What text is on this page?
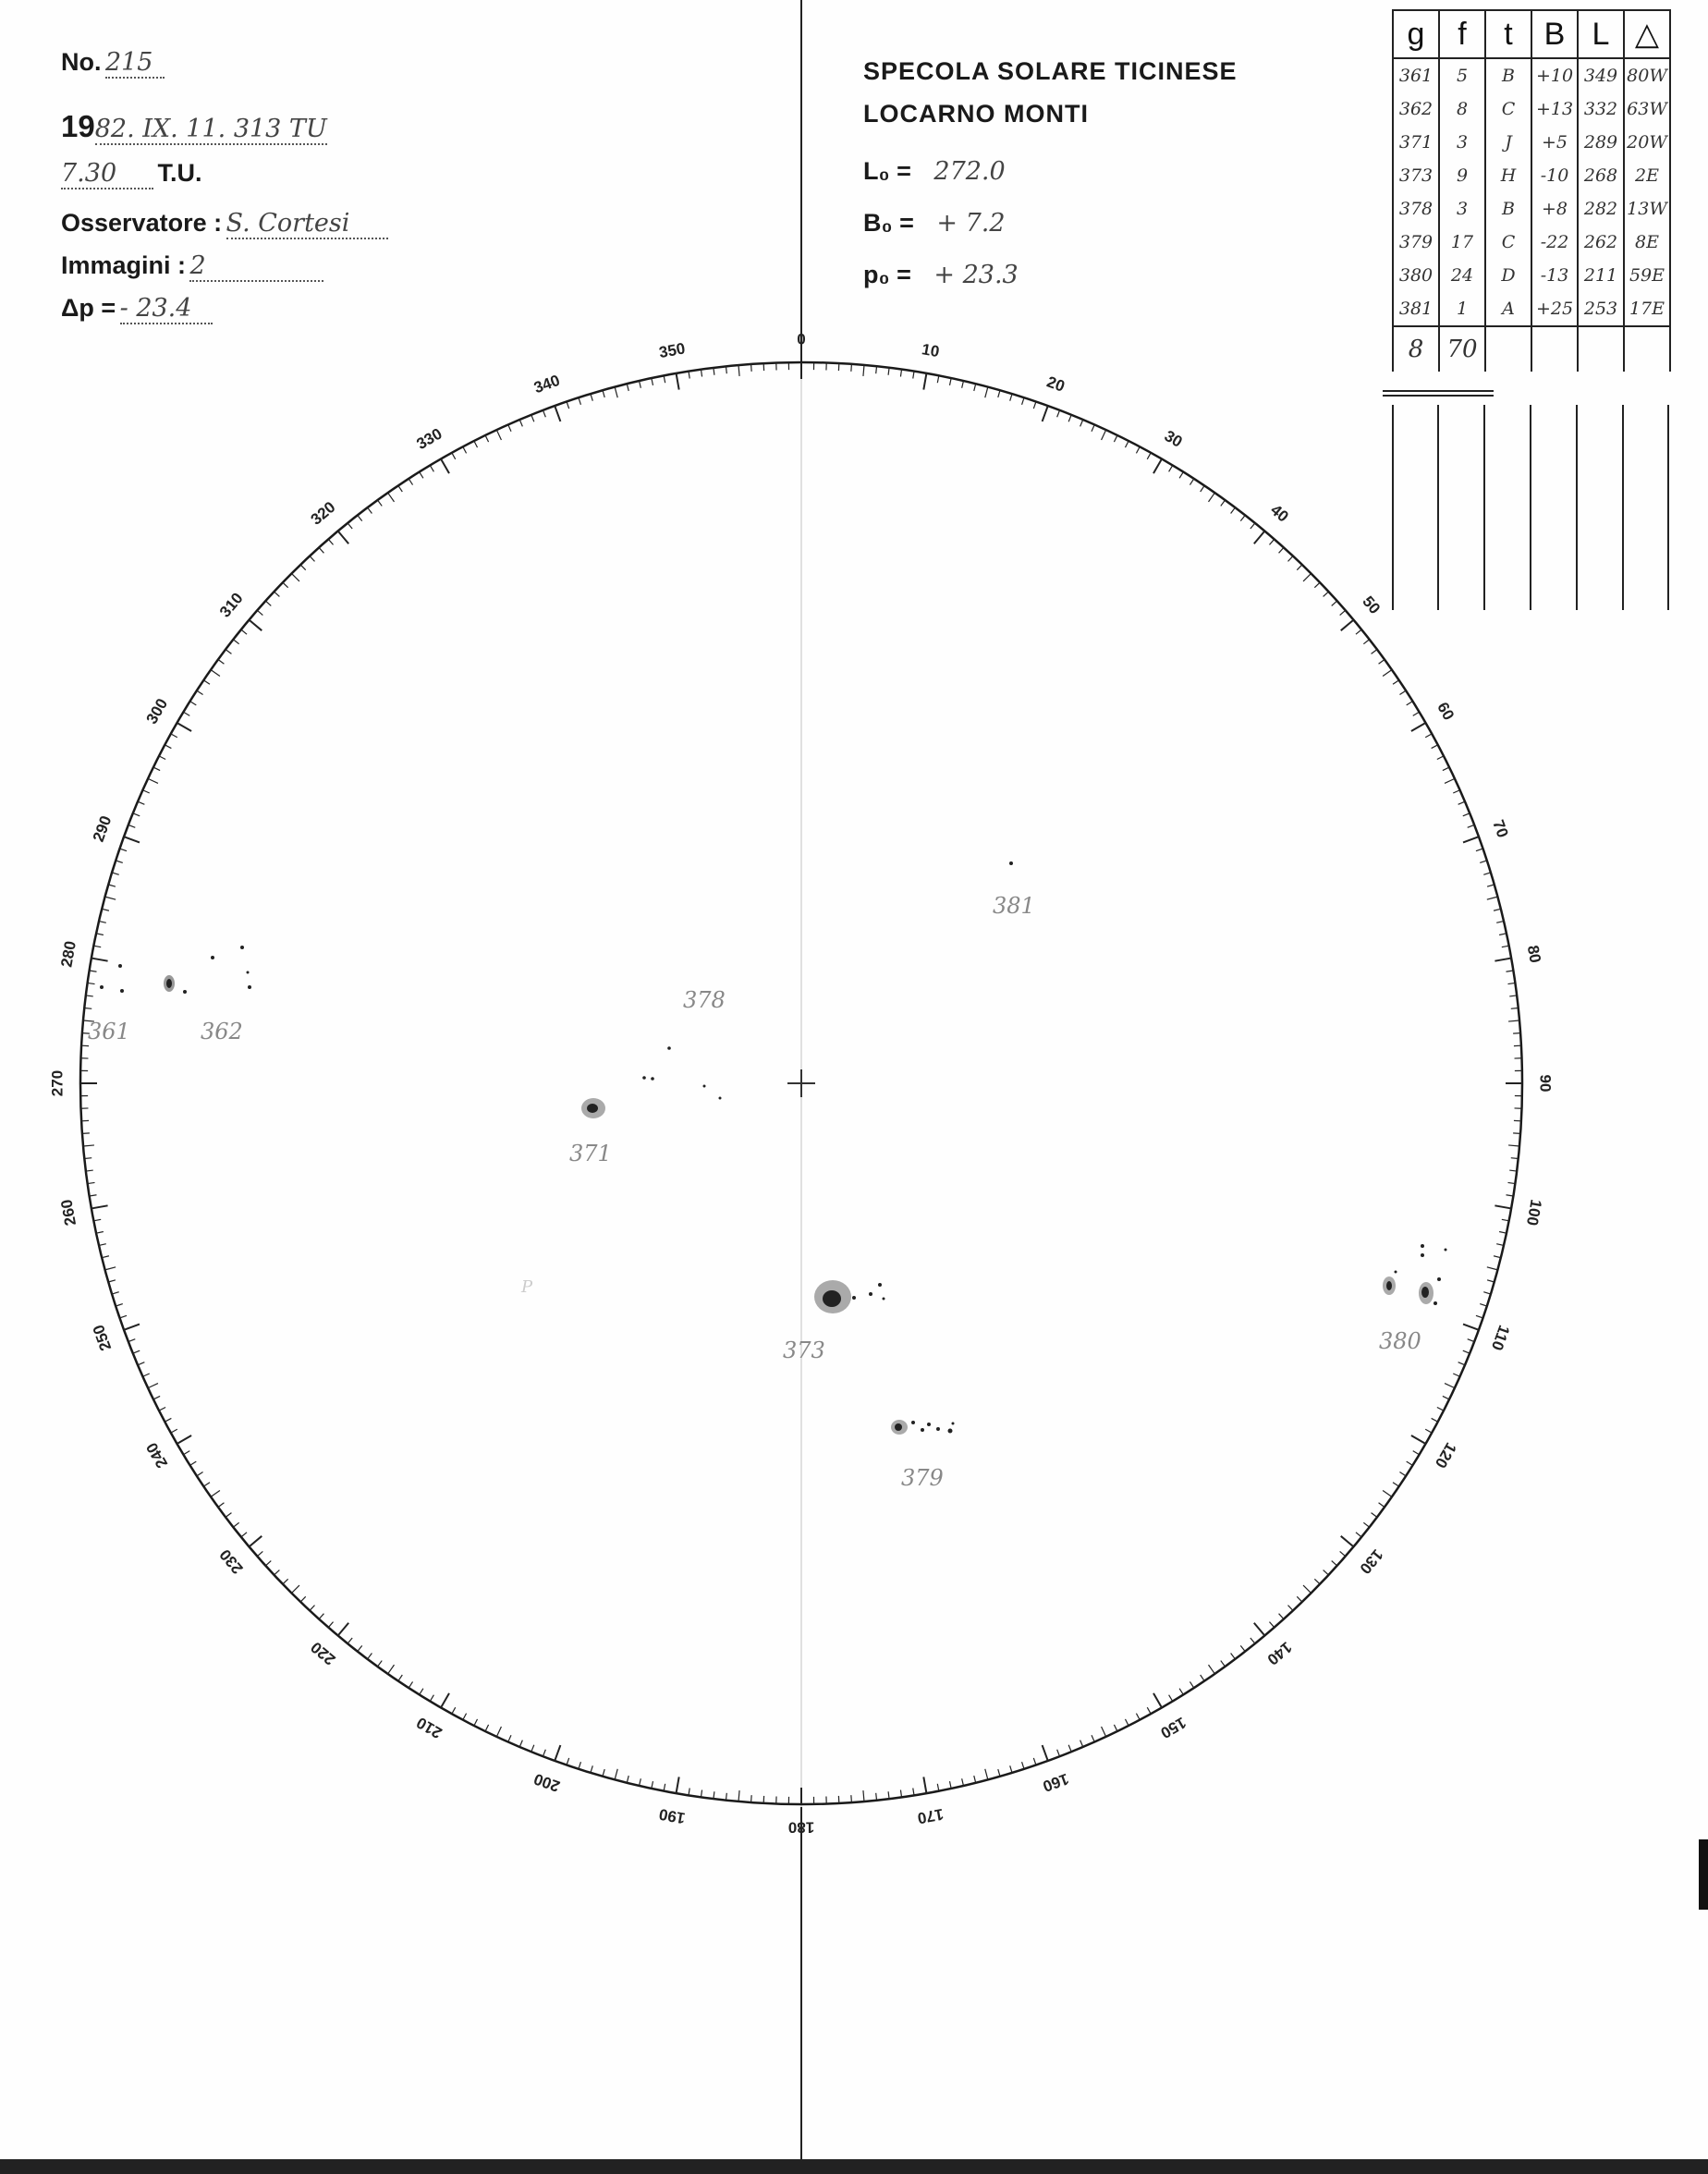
No. 215
1982. IX. 11. 313 TU
7.30 T.U.
Osservatore : S. Cortesi
Immagini : 2
Δp = - 23.4
SPECOLA SOLARE TICINESE
LOCARNO MONTI
L₀ = 272.0
B₀ = + 7.2
p₀ = + 23.3
g	f	t	B	L	△
361	5	B	+10	349	80W
362	8	C	+13	332	63W
371	3	J	+5	289	20W
373	9	H	-10	268	2E
378	3	B	+8	282	13W
379	17	C	-22	262	8E
380	24	D	-13	211	59E
381	1	A	+25	253	17E
8	70				
0
10
20
30
40
50
60
70
80
90
100
110
120
130
140
150
160
170
180
190
200
210
220
230
240
250
260
270
280
290
300
310
320
330
340
350
361	362
371
373
378
379
380
381
P
